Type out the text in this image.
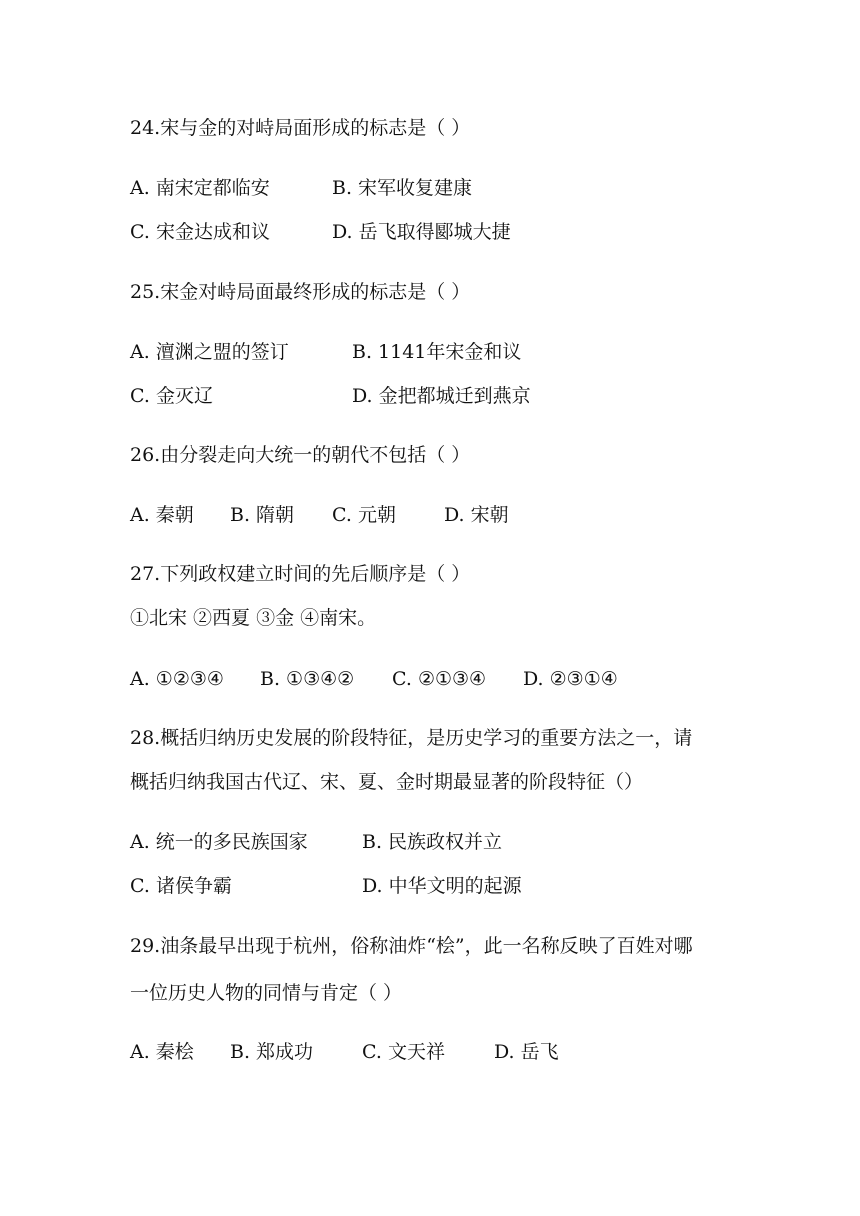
24.宋与金的对峙局面形成的标志是（ ）
A. 南宋定都临安	B. 宋军收复建康
C. 宋金达成和议	D. 岳飞取得郾城大捷
25.宋金对峙局面最终形成的标志是（ ）
A. 澶渊之盟的签订	B. 1141年宋金和议
C. 金灭辽	D. 金把都城迁到燕京
26.由分裂走向大统一的朝代不包括（ ）
A. 秦朝 B. 隋朝 C. 元朝	D. 宋朝
27.下列政权建立时间的先后顺序是（ ）
①北宋 ②西夏 ③金 ④南宋。
A. ①②③④ B. ①③④② C. ②①③④ D. ②③①④
28.概括归纳历史发展的阶段特征，是历史学习的重要方法之一，请
概括归纳我国古代辽、宋、夏、金时期最显著的阶段特征（）
A. 统一的多民族国家	B. 民族政权并立
C. 诸侯争霸	D. 中华文明的起源
29.油条最早出现于杭州，俗称油炸“桧”，此一名称反映了百姓对哪
一位历史人物的同情与肯定（ ）
A. 秦桧 B. 郑成功	C. 文天祥	D. 岳飞
